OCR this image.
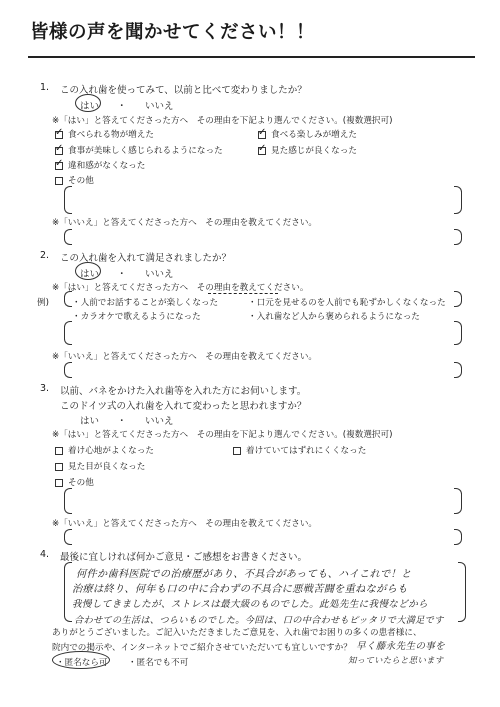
皆様の声を聞かせてください！！
1. この入れ歯を使ってみて、以前と比べて変わりましたか？
はい ・ いいえ
※「はい」と答えてくださった方へ　その理由を下記より選んでください。(複数選択可)
✓ 食べられる物が増えた	✓ 食べる楽しみが増えた
✓ 食事が美味しく感じられるようになった	✓ 見た感じが良くなった
✓ 違和感がなくなった
その他
※「いいえ」と答えてくださった方へ　その理由を教えてください。
2. この入れ歯を入れて満足されましたか？
はい ・ いいえ
※「はい」と答えてくださった方へ　その理由を教えてください。
例)	・人前でお話することが楽しくなった	・口元を見せるのを人前でも恥ずかしくなくなった
・カラオケで歌えるようになった	・入れ歯など人から褒められるようになった
※「いいえ」と答えてくださった方へ　その理由を教えてください。
3. 以前、バネをかけた入れ歯等を入れた方にお伺いします。
このドイツ式の入れ歯を入れて変わったと思われますか？
はい ・ いいえ
※「はい」と答えてくださった方へ　その理由を下記より選んでください。(複数選択可)
着け心地がよくなった	着けていてはずれにくくなった
見た目が良くなった
その他
※「いいえ」と答えてくださった方へ　その理由を教えてください。
4. 最後に宜しければ何かご意見・ご感想をお書きください。
何件か歯科医院での治療歴があり、不具合があっても、ハイこれで！と
治療は終り、何年も口の中に合わずの不具合に悪戦苦闘を重ねながらも
我慢してきましたが、ストレスは最大級のものでした。此処先生に我慢などから
合わせての生活は、つらいものでした。今回は、口の中合わせもピッタリで大満足です
ありがとうございました。ご記入いただきましたご意見を、入れ歯でお困りの多くの患者様に、
院内での掲示や、インターネットでご紹介させていただいても宜しいですか？
・匿名なら可 ・匿名でも不可
早く藤永先生の事を
知っていたらと思います
